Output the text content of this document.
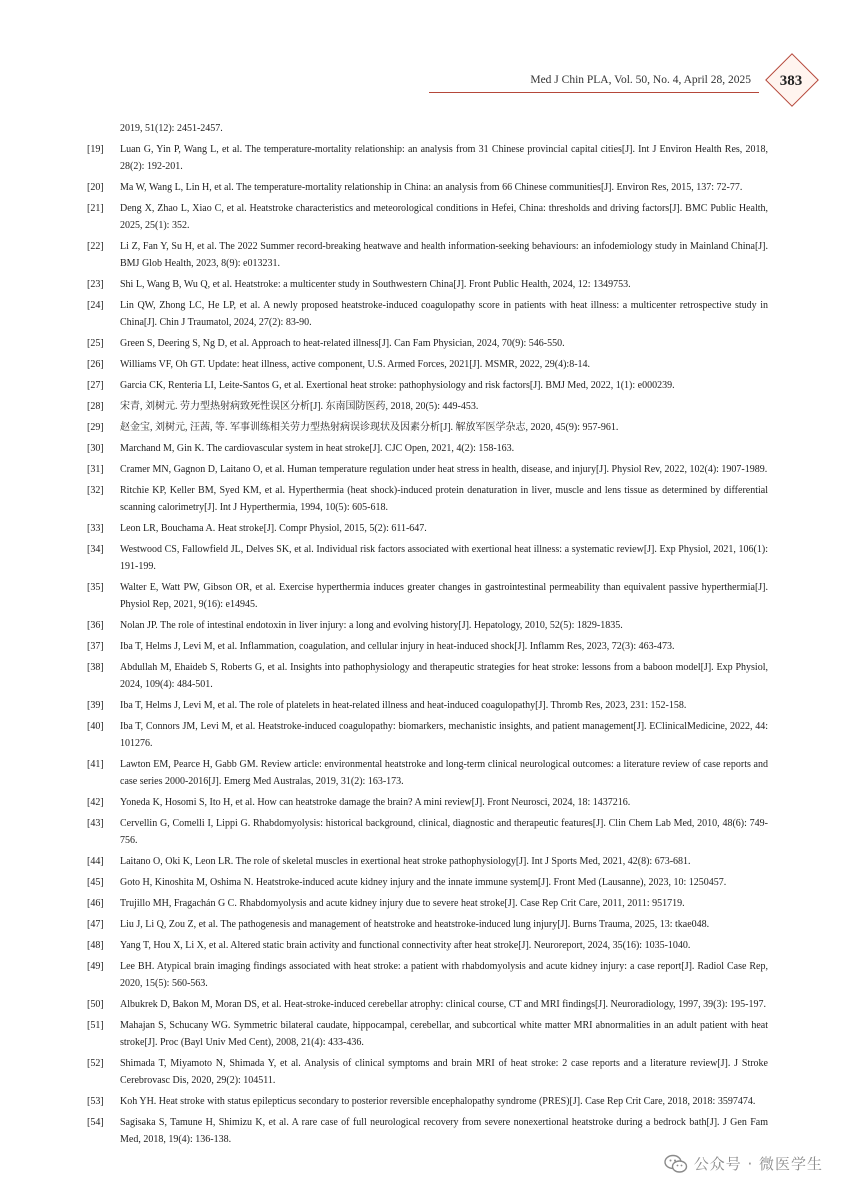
Med J Chin PLA, Vol. 50, No. 4, April 28, 2025	383
2019, 51(12): 2451-2457.
[19] Luan G, Yin P, Wang L, et al. The temperature-mortality relationship: an analysis from 31 Chinese provincial capital cities[J]. Int J Environ Health Res, 2018, 28(2): 192-201.
[20] Ma W, Wang L, Lin H, et al. The temperature-mortality relationship in China: an analysis from 66 Chinese communities[J]. Environ Res, 2015, 137: 72-77.
[21] Deng X, Zhao L, Xiao C, et al. Heatstroke characteristics and meteorological conditions in Hefei, China: thresholds and driving factors[J]. BMC Public Health, 2025, 25(1): 352.
[22] Li Z, Fan Y, Su H, et al. The 2022 Summer record-breaking heatwave and health information-seeking behaviours: an infodemiology study in Mainland China[J]. BMJ Glob Health, 2023, 8(9): e013231.
[23] Shi L, Wang B, Wu Q, et al. Heatstroke: a multicenter study in Southwestern China[J]. Front Public Health, 2024, 12: 1349753.
[24] Lin QW, Zhong LC, He LP, et al. A newly proposed heatstroke-induced coagulopathy score in patients with heat illness: a multicenter retrospective study in China[J]. Chin J Traumatol, 2024, 27(2): 83-90.
[25] Green S, Deering S, Ng D, et al. Approach to heat-related illness[J]. Can Fam Physician, 2024, 70(9): 546-550.
[26] Williams VF, Oh GT. Update: heat illness, active component, U.S. Armed Forces, 2021[J]. MSMR, 2022, 29(4):8-14.
[27] Garcia CK, Renteria LI, Leite-Santos G, et al. Exertional heat stroke: pathophysiology and risk factors[J]. BMJ Med, 2022, 1(1): e000239.
[28] 宋青, 刘树元. 劳力型热射病致死性误区分析[J]. 东南国防医药, 2018, 20(5): 449-453.
[29] 赵金宝, 刘树元, 汪茜, 等. 军事训练相关劳力型热射病误诊现状及因素分析[J]. 解放军医学杂志, 2020, 45(9): 957-961.
[30] Marchand M, Gin K. The cardiovascular system in heat stroke[J]. CJC Open, 2021, 4(2): 158-163.
[31] Cramer MN, Gagnon D, Laitano O, et al. Human temperature regulation under heat stress in health, disease, and injury[J]. Physiol Rev, 2022, 102(4): 1907-1989.
[32] Ritchie KP, Keller BM, Syed KM, et al. Hyperthermia (heat shock)-induced protein denaturation in liver, muscle and lens tissue as determined by differential scanning calorimetry[J]. Int J Hyperthermia, 1994, 10(5): 605-618.
[33] Leon LR, Bouchama A. Heat stroke[J]. Compr Physiol, 2015, 5(2): 611-647.
[34] Westwood CS, Fallowfield JL, Delves SK, et al. Individual risk factors associated with exertional heat illness: a systematic review[J]. Exp Physiol, 2021, 106(1): 191-199.
[35] Walter E, Watt PW, Gibson OR, et al. Exercise hyperthermia induces greater changes in gastrointestinal permeability than equivalent passive hyperthermia[J]. Physiol Rep, 2021, 9(16): e14945.
[36] Nolan JP. The role of intestinal endotoxin in liver injury: a long and evolving history[J]. Hepatology, 2010, 52(5): 1829-1835.
[37] Iba T, Helms J, Levi M, et al. Inflammation, coagulation, and cellular injury in heat-induced shock[J]. Inflamm Res, 2023, 72(3): 463-473.
[38] Abdullah M, Ehaideb S, Roberts G, et al. Insights into pathophysiology and therapeutic strategies for heat stroke: lessons from a baboon model[J]. Exp Physiol, 2024, 109(4): 484-501.
[39] Iba T, Helms J, Levi M, et al. The role of platelets in heat-related illness and heat-induced coagulopathy[J]. Thromb Res, 2023, 231: 152-158.
[40] Iba T, Connors JM, Levi M, et al. Heatstroke-induced coagulopathy: biomarkers, mechanistic insights, and patient management[J]. EClinicalMedicine, 2022, 44: 101276.
[41] Lawton EM, Pearce H, Gabb GM. Review article: environmental heatstroke and long-term clinical neurological outcomes: a literature review of case reports and case series 2000-2016[J]. Emerg Med Australas, 2019, 31(2): 163-173.
[42] Yoneda K, Hosomi S, Ito H, et al. How can heatstroke damage the brain? A mini review[J]. Front Neurosci, 2024, 18: 1437216.
[43] Cervellin G, Comelli I, Lippi G. Rhabdomyolysis: historical background, clinical, diagnostic and therapeutic features[J]. Clin Chem Lab Med, 2010, 48(6): 749-756.
[44] Laitano O, Oki K, Leon LR. The role of skeletal muscles in exertional heat stroke pathophysiology[J]. Int J Sports Med, 2021, 42(8): 673-681.
[45] Goto H, Kinoshita M, Oshima N. Heatstroke-induced acute kidney injury and the innate immune system[J]. Front Med (Lausanne), 2023, 10: 1250457.
[46] Trujillo MH, Fragachán G C. Rhabdomyolysis and acute kidney injury due to severe heat stroke[J]. Case Rep Crit Care, 2011, 2011: 951719.
[47] Liu J, Li Q, Zou Z, et al. The pathogenesis and management of heatstroke and heatstroke-induced lung injury[J]. Burns Trauma, 2025, 13: tkae048.
[48] Yang T, Hou X, Li X, et al. Altered static brain activity and functional connectivity after heat stroke[J]. Neuroreport, 2024, 35(16): 1035-1040.
[49] Lee BH. Atypical brain imaging findings associated with heat stroke: a patient with rhabdomyolysis and acute kidney injury: a case report[J]. Radiol Case Rep, 2020, 15(5): 560-563.
[50] Albukrek D, Bakon M, Moran DS, et al. Heat-stroke-induced cerebellar atrophy: clinical course, CT and MRI findings[J]. Neuroradiology, 1997, 39(3): 195-197.
[51] Mahajan S, Schucany WG. Symmetric bilateral caudate, hippocampal, cerebellar, and subcortical white matter MRI abnormalities in an adult patient with heat stroke[J]. Proc (Bayl Univ Med Cent), 2008, 21(4): 433-436.
[52] Shimada T, Miyamoto N, Shimada Y, et al. Analysis of clinical symptoms and brain MRI of heat stroke: 2 case reports and a literature review[J]. J Stroke Cerebrovasc Dis, 2020, 29(2): 104511.
[53] Koh YH. Heat stroke with status epilepticus secondary to posterior reversible encephalopathy syndrome (PRES)[J]. Case Rep Crit Care, 2018, 2018: 3597474.
[54] Sagisaka S, Tamune H, Shimizu K, et al. A rare case of full neurological recovery from severe nonexertional heatstroke during a bedrock bath[J]. J Gen Fam Med, 2018, 19(4): 136-138.
公众号 · 微医学生
